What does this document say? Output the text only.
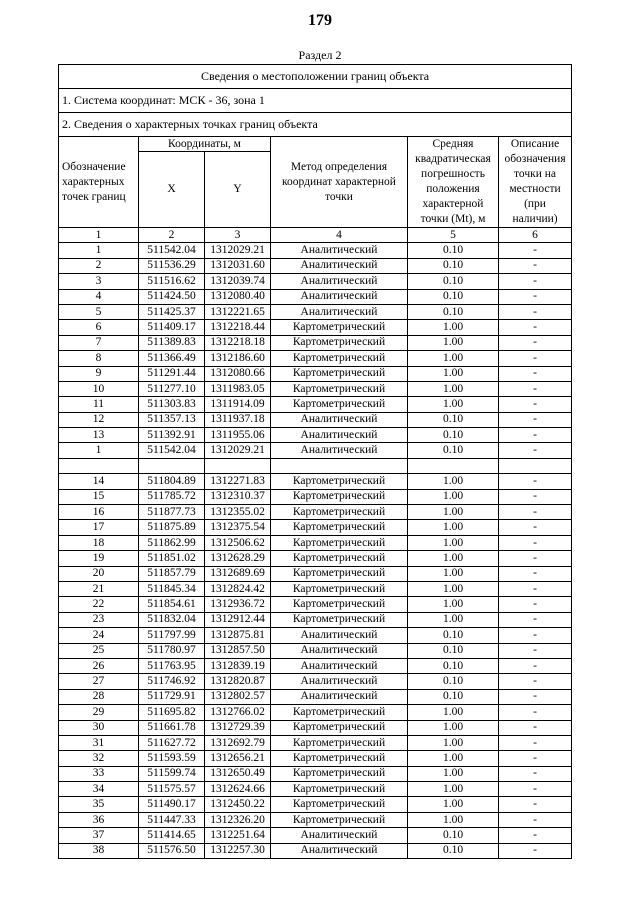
179
Раздел 2
Сведения о местоположении границ объекта					
1. Система координат: МСК - 36, зона 1					
2. Сведения о характерных точках границ объекта					
Обозначение характерных точек границ	Координаты, м		Метод определения координат характерной точки	Средняя квадратическая погрешность положения характерной точки (Mt), м	Описание обозначения точки на местности (при наличии)
	X	Y			
1	2	3	4	5	6
1	511542.04	1312029.21	Аналитический	0.10	-
2	511536.29	1312031.60	Аналитический	0.10	-
3	511516.62	1312039.74	Аналитический	0.10	-
4	511424.50	1312080.40	Аналитический	0.10	-
5	511425.37	1312221.65	Аналитический	0.10	-
6	511409.17	1312218.44	Картометрический	1.00	-
7	511389.83	1312218.18	Картометрический	1.00	-
8	511366.49	1312186.60	Картометрический	1.00	-
9	511291.44	1312080.66	Картометрический	1.00	-
10	511277.10	1311983.05	Картометрический	1.00	-
11	511303.83	1311914.09	Картометрический	1.00	-
12	511357.13	1311937.18	Аналитический	0.10	-
13	511392.91	1311955.06	Аналитический	0.10	-
1	511542.04	1312029.21	Аналитический	0.10	-

14	511804.89	1312271.83	Картометрический	1.00	-
15	511785.72	1312310.37	Картометрический	1.00	-
16	511877.73	1312355.02	Картометрический	1.00	-
17	511875.89	1312375.54	Картометрический	1.00	-
18	511862.99	1312506.62	Картометрический	1.00	-
19	511851.02	1312628.29	Картометрический	1.00	-
20	511857.79	1312689.69	Картометрический	1.00	-
21	511845.34	1312824.42	Картометрический	1.00	-
22	511854.61	1312936.72	Картометрический	1.00	-
23	511832.04	1312912.44	Картометрический	1.00	-
24	511797.99	1312875.81	Аналитический	0.10	-
25	511780.97	1312857.50	Аналитический	0.10	-
26	511763.95	1312839.19	Аналитический	0.10	-
27	511746.92	1312820.87	Аналитический	0.10	-
28	511729.91	1312802.57	Аналитический	0.10	-
29	511695.82	1312766.02	Картометрический	1.00	-
30	511661.78	1312729.39	Картометрический	1.00	-
31	511627.72	1312692.79	Картометрический	1.00	-
32	511593.59	1312656.21	Картометрический	1.00	-
33	511599.74	1312650.49	Картометрический	1.00	-
34	511575.57	1312624.66	Картометрический	1.00	-
35	511490.17	1312450.22	Картометрический	1.00	-
36	511447.33	1312326.20	Картометрический	1.00	-
37	511414.65	1312251.64	Аналитический	0.10	-
38	511576.50	1312257.30	Аналитический	0.10	-
